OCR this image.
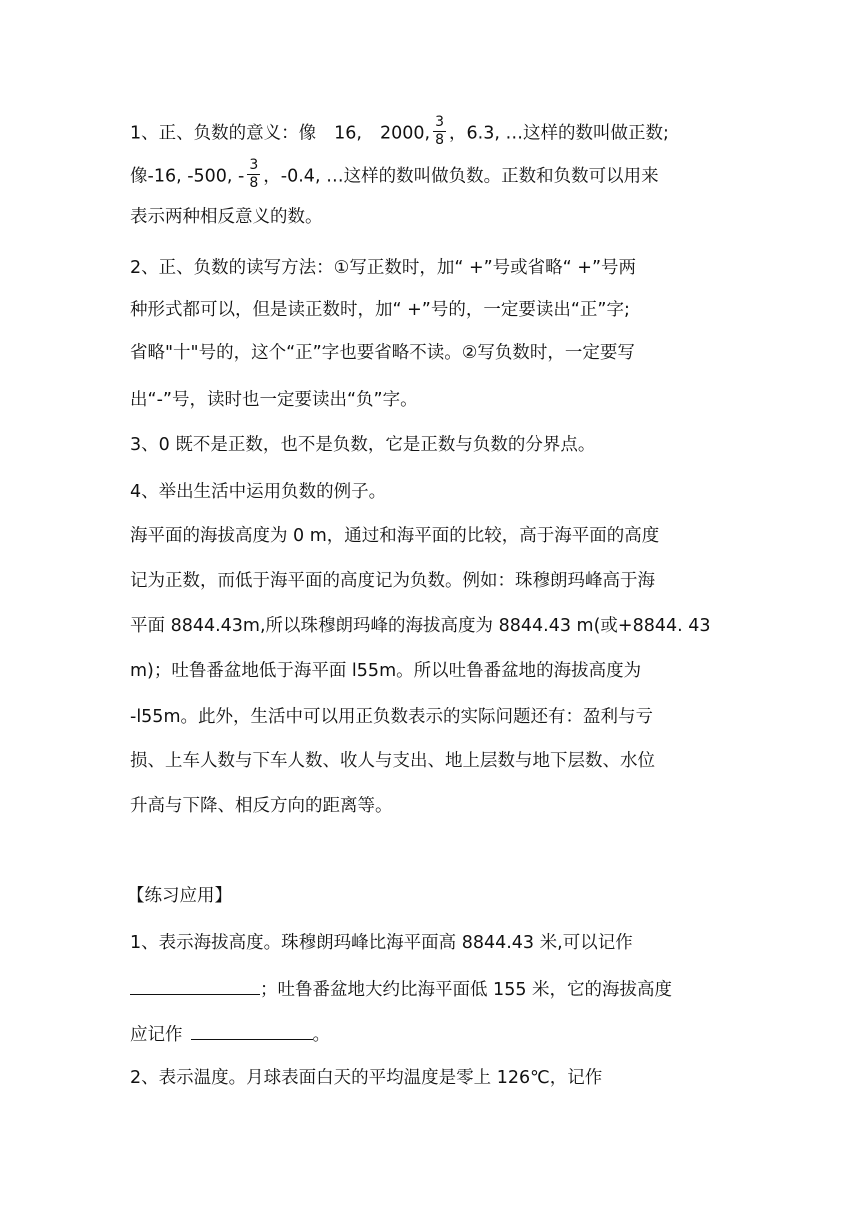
1、正、负数的意义：像 16, 2000, $\frac{3}{8}$ ，6.3, …这样的数叫做正数;
像-16, -500, - $\frac{3}{8}$ ，-0.4, …这样的数叫做负数。正数和负数可以用来
表示两种相反意义的数。
2、正、负数的读写方法：①写正数时，加“ +”号或省略“ +”号两
种形式都可以，但是读正数时，加“ +”号的，一定要读出“正”字;
省略"十"号的，这个“正”字也要省略不读。②写负数时，一定要写
出“-”号，读时也一定要读出“负”字。
3、0 既不是正数，也不是负数，它是正数与负数的分界点。
4、举出生活中运用负数的例子。
海平面的海拔高度为 0 m，通过和海平面的比较，高于海平面的高度
记为正数，而低于海平面的高度记为负数。例如：珠穆朗玛峰高于海
平面 8844.43m,所以珠穆朗玛峰的海拔高度为 8844.43 m(或+8844. 43
m)；吐鲁番盆地低于海平面 l55m。所以吐鲁番盆地的海拔高度为
-l55m。此外，生活中可以用正负数表示的实际问题还有：盈利与亏
损、上车人数与下车人数、收人与支出、地上层数与地下层数、水位
升高与下降、相反方向的距离等。
【练习应用】
1、表示海拔高度。珠穆朗玛峰比海平面高 8844.43 米,可以记作
；吐鲁番盆地大约比海平面低 155 米，它的海拔高度
应记作	。
2、表示温度。月球表面白天的平均温度是零上 126℃，记作
